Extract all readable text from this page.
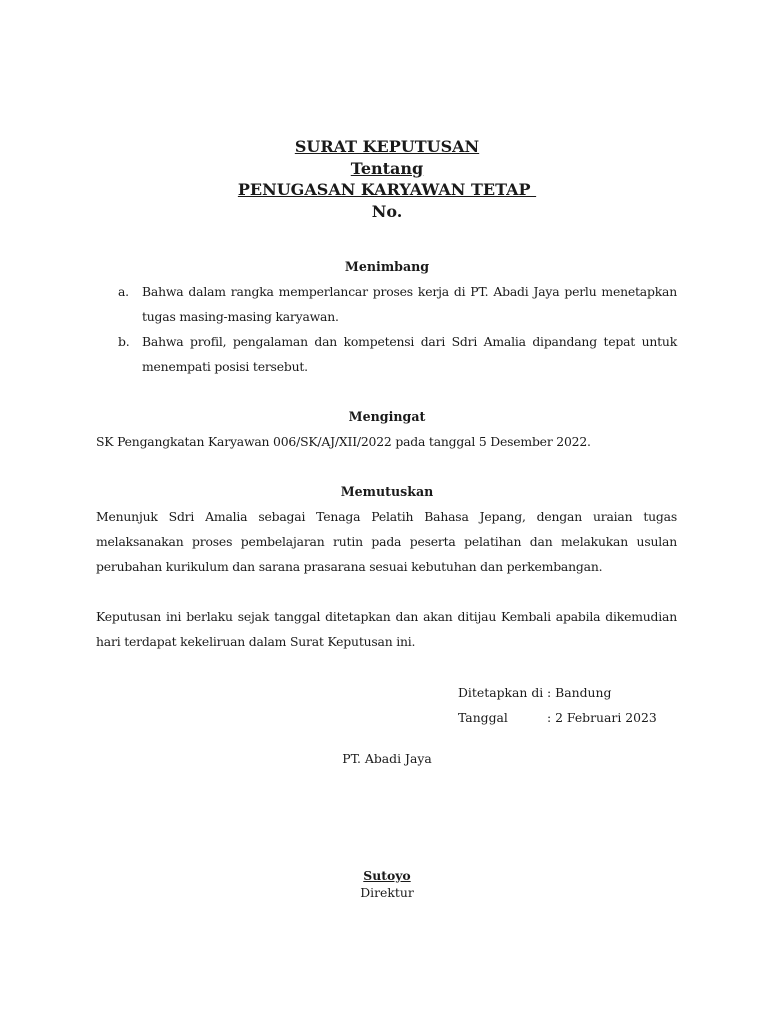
SURAT KEPUTUSAN
Tentang
PENUGASAN KARYAWAN TETAP
No.
Menimbang
a. Bahwa dalam rangka memperlancar proses kerja di PT. Abadi Jaya perlu menetapkan tugas masing-masing karyawan.
b. Bahwa profil, pengalaman dan kompetensi dari Sdri Amalia dipandang tepat untuk menempati posisi tersebut.
Mengingat
SK Pengangkatan Karyawan 006/SK/AJ/XII/2022 pada tanggal 5 Desember 2022.
Memutuskan
Menunjuk Sdri Amalia sebagai Tenaga Pelatih Bahasa Jepang, dengan uraian tugas melaksanakan proses pembelajaran rutin pada peserta pelatihan dan melakukan usulan perubahan kurikulum dan sarana prasarana sesuai kebutuhan dan perkembangan.
Keputusan ini berlaku sejak tanggal ditetapkan dan akan ditijau Kembali apabila dikemudian hari terdapat kekeliruan dalam Surat Keputusan ini.
Ditetapkan di : Bandung
Tanggal	: 2 Februari 2023
PT. Abadi Jaya
Sutoyo
Direktur
